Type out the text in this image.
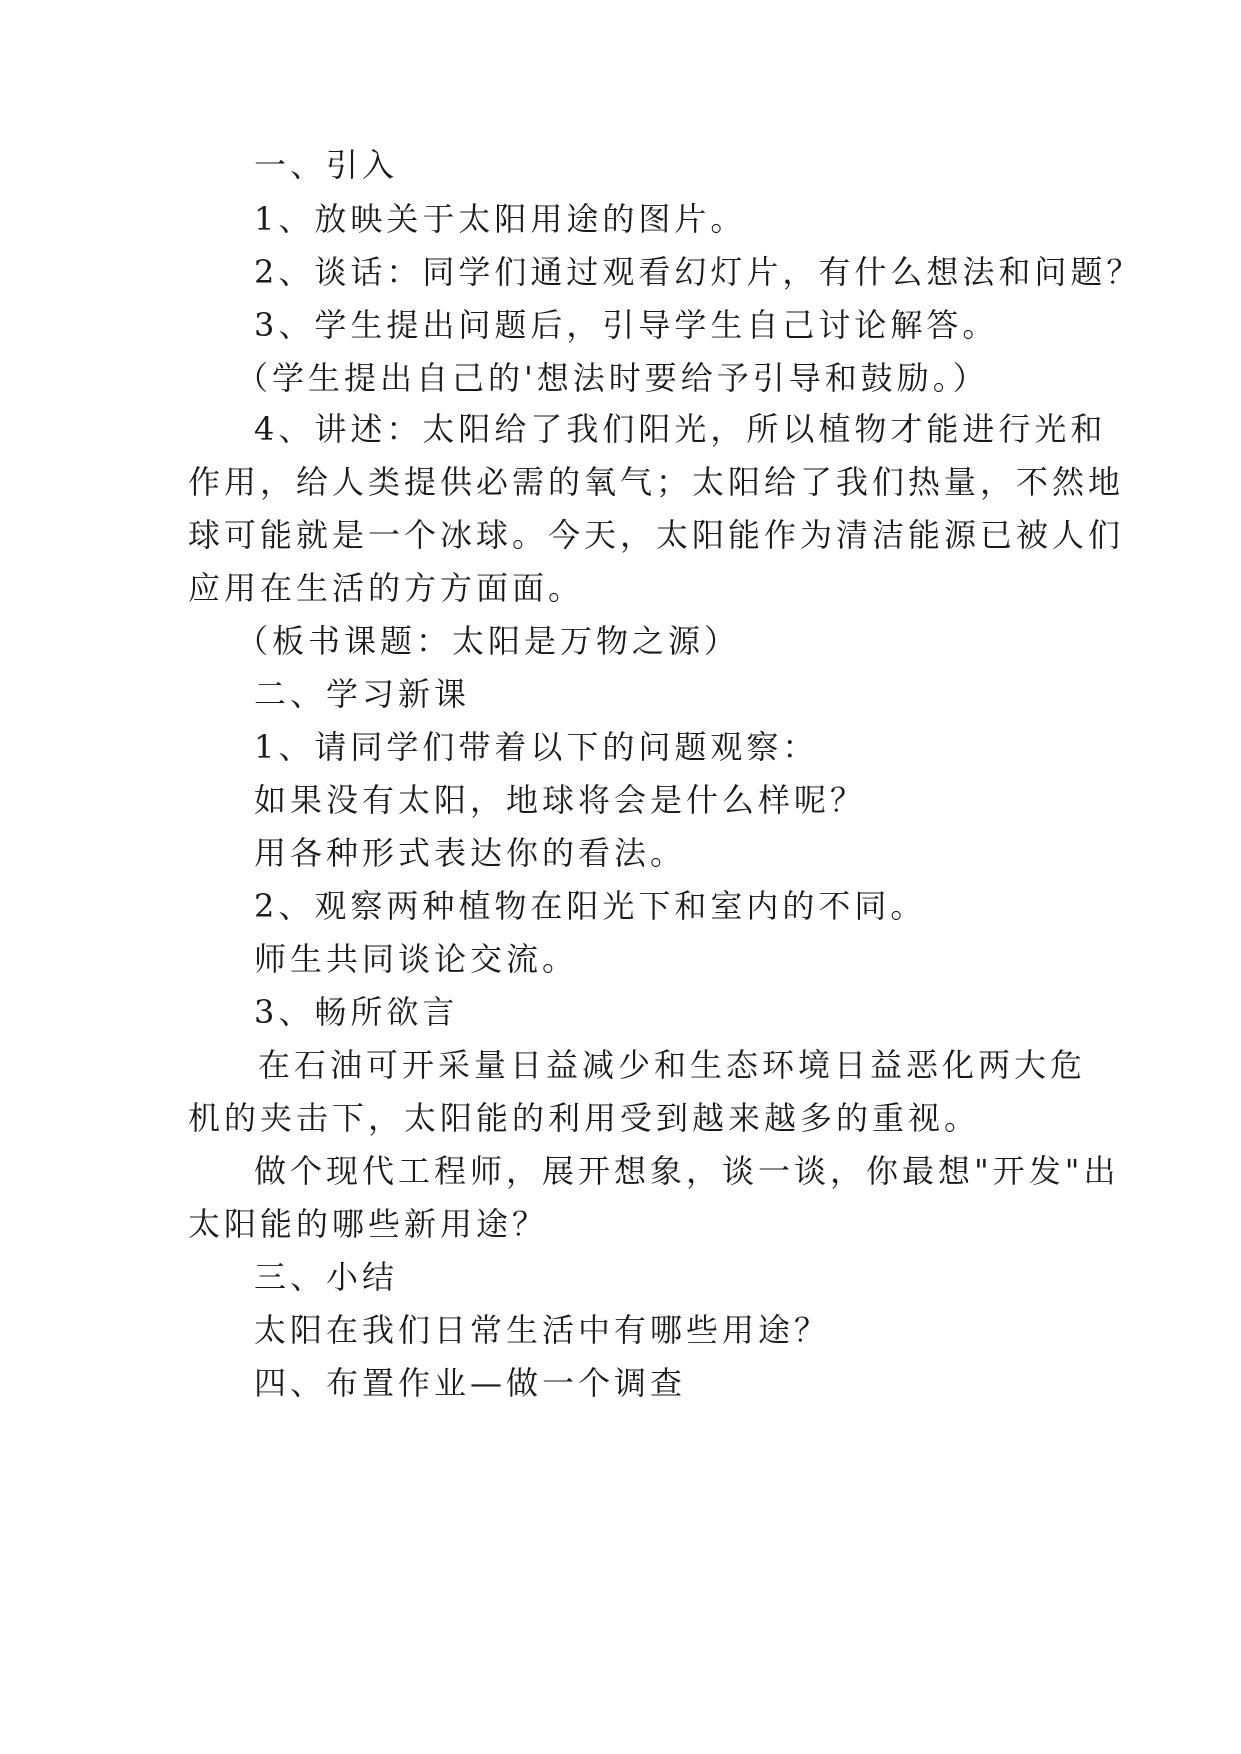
一、引入
1、放映关于太阳用途的图片。
2、谈话：同学们通过观看幻灯片，有什么想法和问题？
3、学生提出问题后，引导学生自己讨论解答。
（学生提出自己的'想法时要给予引导和鼓励。）
4、讲述：太阳给了我们阳光，所以植物才能进行光和
作用，给人类提供必需的氧气；太阳给了我们热量，不然地
球可能就是一个冰球。今天，太阳能作为清洁能源已被人们
应用在生活的方方面面。
（板书课题：太阳是万物之源）
二、学习新课
1、请同学们带着以下的问题观察：
如果没有太阳，地球将会是什么样呢？
用各种形式表达你的看法。
2、观察两种植物在阳光下和室内的不同。
师生共同谈论交流。
3、畅所欲言
在石油可开采量日益减少和生态环境日益恶化两大危
机的夹击下，太阳能的利用受到越来越多的重视。
做个现代工程师，展开想象，谈一谈，你最想"开发"出
太阳能的哪些新用途？
三、小结
太阳在我们日常生活中有哪些用途？
四、布置作业—做一个调查
